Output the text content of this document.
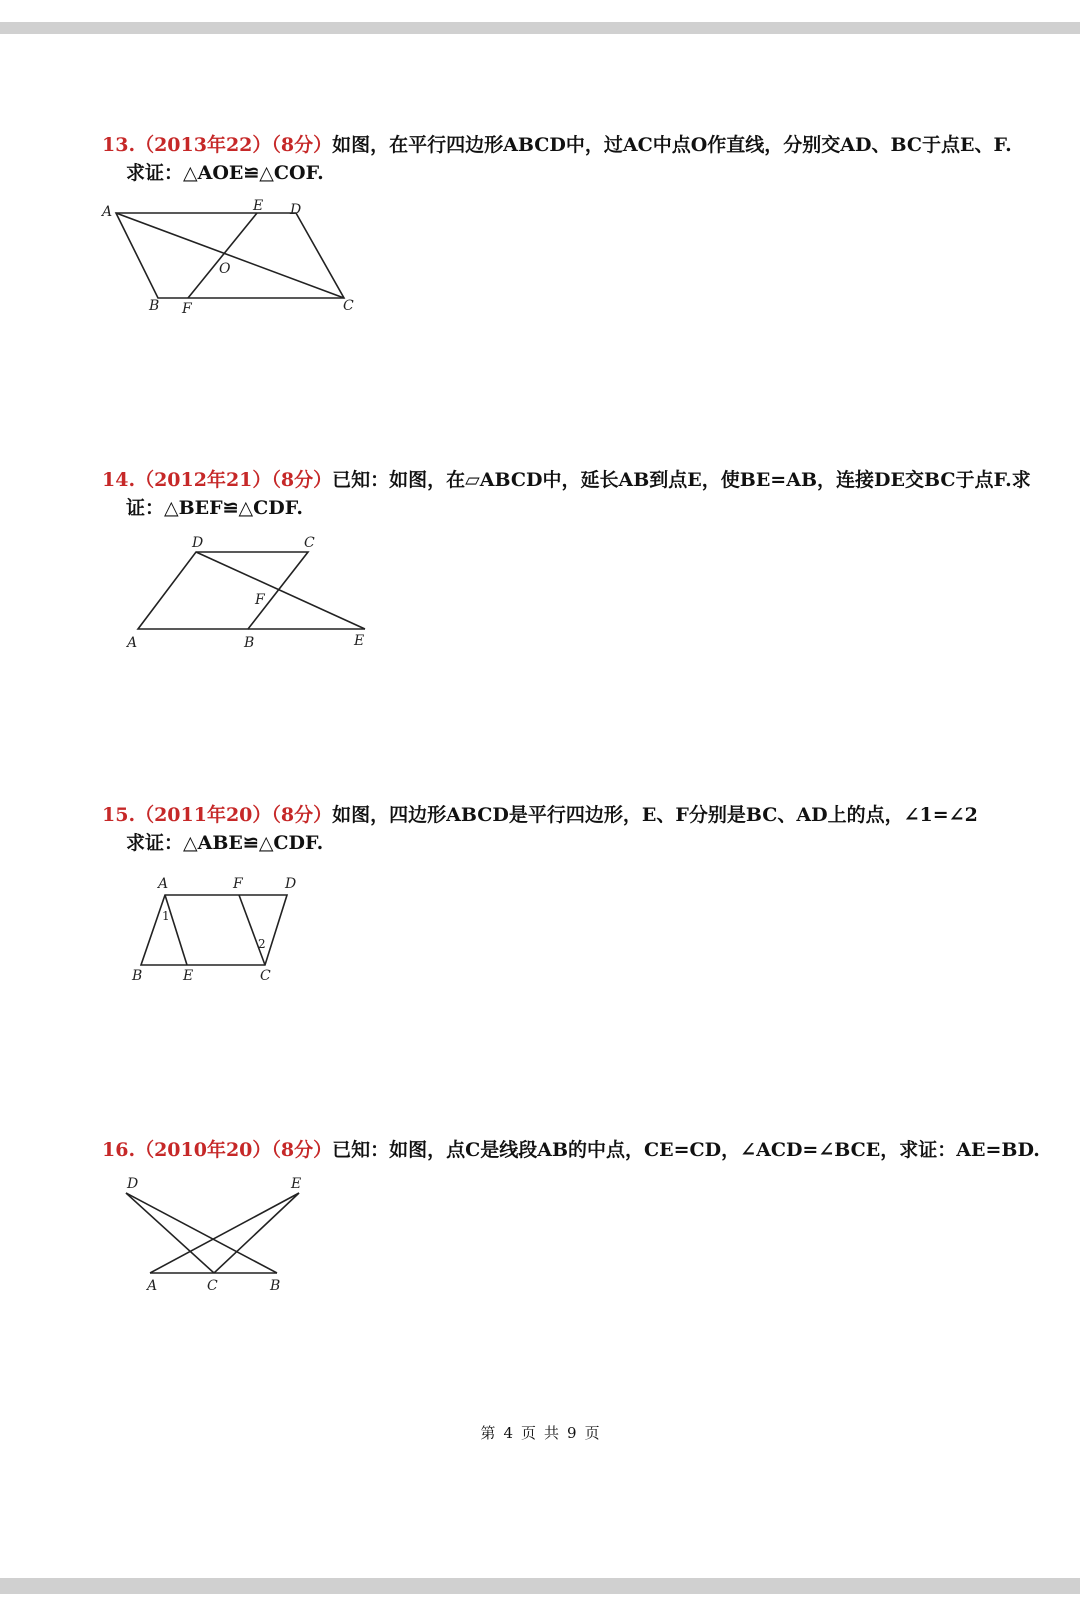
13.（2013年22）（8分）如图，在平行四边形ABCD中，过AC中点O作直线，分别交AD、BC于点E、F.
求证：△AOE≌△COF.
A	E D
O
B F	C
14.（2012年21）（8分）已知：如图，在▱ABCD中，延长AB到点E，使BE=AB，连接DE交BC于点F.求
证：△BEF≌△CDF.
D	C
F
A	B	E
15.（2011年20）（8分）如图，四边形ABCD是平行四边形，E、F分别是BC、AD上的点，∠1=∠2
求证：△ABE≌△CDF.
A	F	D
1
2
B	E	C
16.（2010年20）（8分）已知：如图，点C是线段AB的中点，CE=CD，∠ACD=∠BCE，求证：AE=BD.
D	E
A	C	B
第 4 页 共 9 页
